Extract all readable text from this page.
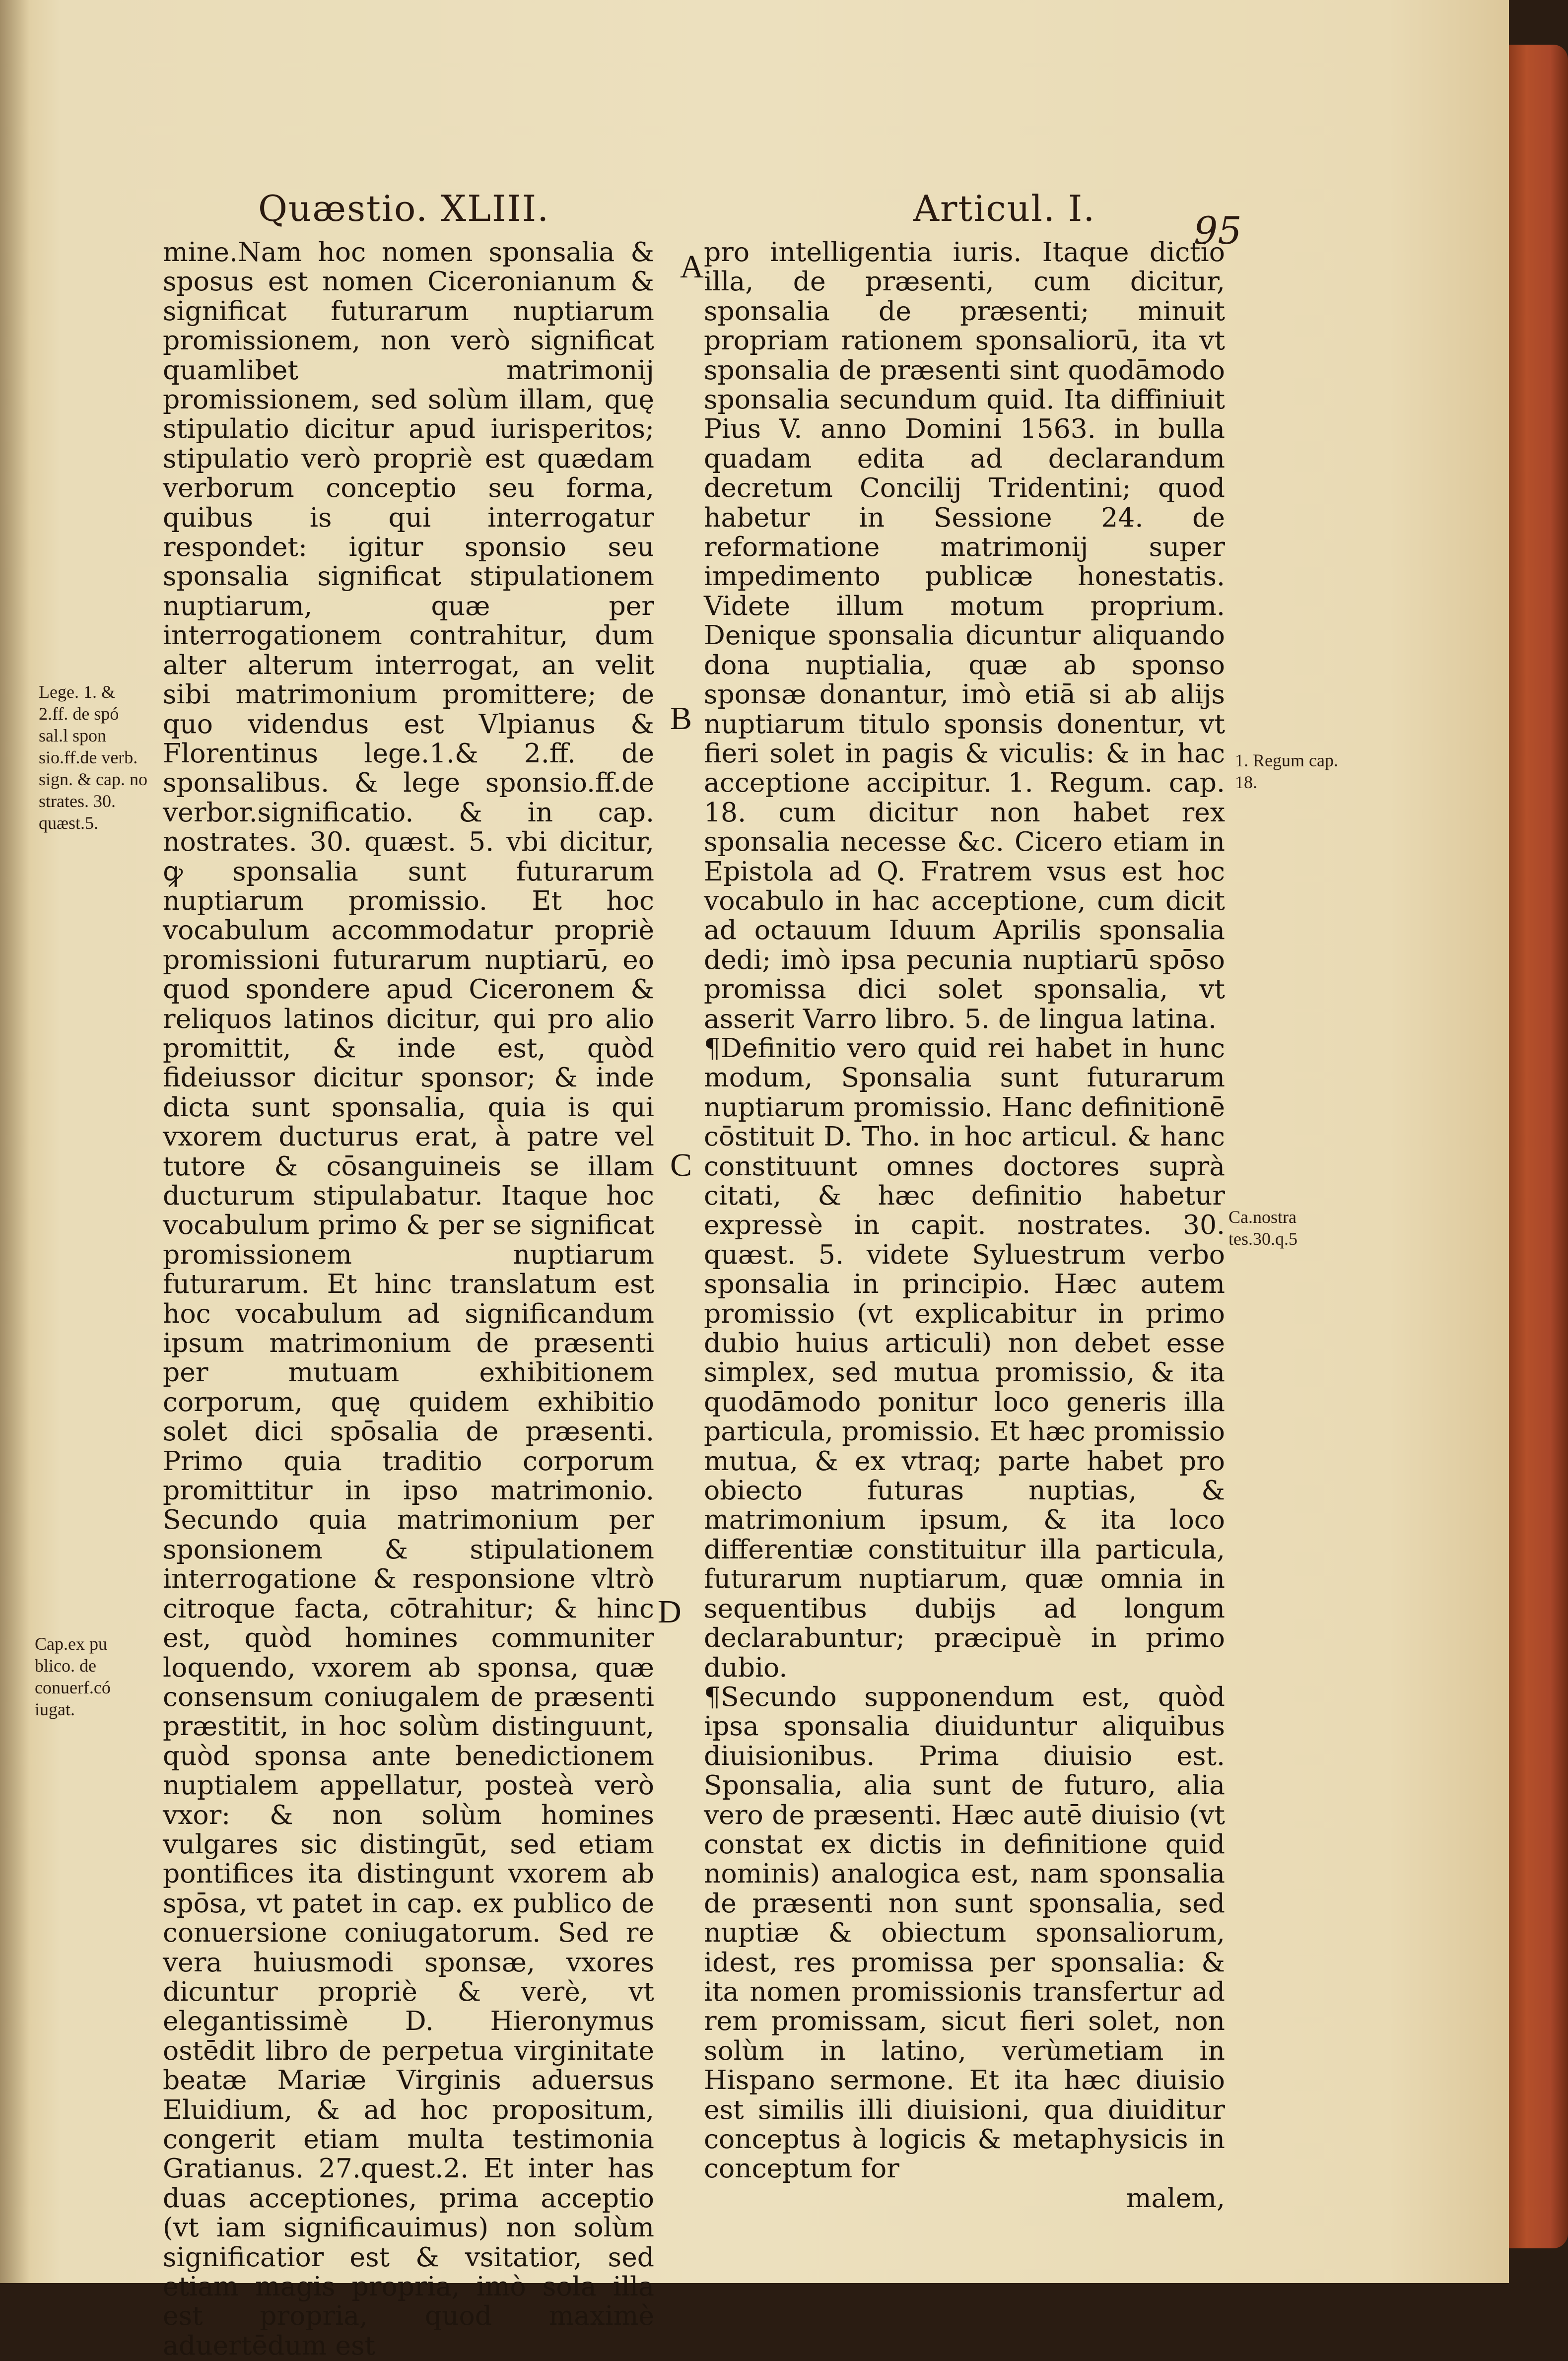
Quæstio. XLIII.	Articul. I.	95

mine.Nam hoc nomen sponsalia & sposus est nomen Ciceronianum & significat futurarum nuptiarum promissionem, non verò significat quamlibet matrimonij promissionem, sed solùm illam, quę stipulatio dicitur apud iurisperitos; stipulatio verò propriè est quædam verborum conceptio seu forma, quibus is qui interrogatur respondet: igitur sponsio seu sponsalia significat stipulationem nuptiarum, quæ per interrogationem contrahitur, dum alter alterum interrogat, an velit sibi matrimonium promittere; de quo videndus est Vlpianus & Florentinus lege.1.& 2.ff. de sponsalibus. & lege sponsio.ff.de verbor.significatio. & in cap. nostrates. 30. quæst. 5. vbi dicitur, ꝙ sponsalia sunt futurarum nuptiarum promissio. Et hoc vocabulum accommodatur propriè promissioni futurarum nuptiarū, eo quod spondere apud Ciceronem & reliquos latinos dicitur, qui pro alio promittit, & inde est, quòd fideiussor dicitur sponsor; & inde dicta sunt sponsalia, quia is qui vxorem ducturus erat, à patre vel tutore & cōsanguineis se illam ducturum stipulabatur. Itaque hoc vocabulum primo & per se significat promissionem nuptiarum futurarum. Et hinc translatum est hoc vocabulum ad significandum ipsum matrimonium de præsenti per mutuam exhibitionem corporum, quę quidem exhibitio solet dici spōsalia de præsenti. Primo quia traditio corporum promittitur in ipso matrimonio. Secundo quia matrimonium per sponsionem & stipulationem interrogatione & responsione vltrò citroque facta, cōtrahitur; & hinc est, quòd homines communiter loquendo, vxorem ab sponsa, quæ consensum coniugalem de præsenti præstitit, in hoc solùm distinguunt, quòd sponsa ante benedictionem nuptialem appellatur, posteà verò vxor: & non solùm homines vulgares sic distingūt, sed etiam pontifices ita distingunt vxorem ab spōsa, vt patet in cap. ex publico de conuersione coniugatorum. Sed re vera huiusmodi sponsæ, vxores dicuntur propriè & verè, vt elegantissimè D. Hieronymus ostēdit libro de perpetua virginitate beatæ Mariæ Virginis aduersus Eluidium, & ad hoc propositum, congerit etiam multa testimonia Gratianus. 27.quest.2. Et inter has duas acceptiones, prima acceptio (vt iam significauimus) non solùm significatior est & vsitatior, sed etiam magis propria, imò sola illa est propria, quod maximè aduertēdum est

pro intelligentia iuris. Itaque dictio illa, de præsenti, cum dicitur, sponsalia de præsenti; minuit propriam rationem sponsaliorū, ita vt sponsalia de præsenti sint quodāmodo sponsalia secundum quid. Ita diffiniuit Pius V. anno Domini 1563. in bulla quadam edita ad declarandum decretum Concilij Tridentini; quod habetur in Sessione 24. de reformatione matrimonij super impedimento publicæ honestatis. Videte illum motum proprium. Denique sponsalia dicuntur aliquando dona nuptialia, quæ ab sponso sponsæ donantur, imò etiā si ab alijs nuptiarum titulo sponsis donentur, vt fieri solet in pagis & viculis: & in hac acceptione accipitur. 1. Regum. cap. 18. cum dicitur non habet rex sponsalia necesse &c. Cicero etiam in Epistola ad Q. Fratrem vsus est hoc vocabulo in hac acceptione, cum dicit ad octauum Iduum Aprilis sponsalia dedi; imò ipsa pecunia nuptiarū spōso promissa dici solet sponsalia, vt asserit Varro libro. 5. de lingua latina.

¶Definitio vero quid rei habet in hunc modum, Sponsalia sunt futurarum nuptiarum promissio. Hanc definitionē cōstituit D. Tho. in hoc articul. & hanc constituunt omnes doctores suprà citati, & hæc definitio habetur expressè in capit. nostrates. 30. quæst. 5. videte Syluestrum verbo sponsalia in principio. Hæc autem promissio (vt explicabitur in primo dubio huius articuli) non debet esse simplex, sed mutua promissio, & ita quodāmodo ponitur loco generis illa particula, promissio. Et hæc promissio mutua, & ex vtraq; parte habet pro obiecto futuras nuptias, & matrimonium ipsum, & ita loco differentiæ constituitur illa particula, futurarum nuptiarum, quæ omnia in sequentibus dubijs ad longum declarabuntur; præcipuè in primo dubio.

¶Secundo supponendum est, quòd ipsa sponsalia diuiduntur aliquibus diuisionibus. Prima diuisio est. Sponsalia, alia sunt de futuro, alia vero de præsenti. Hæc autē diuisio (vt constat ex dictis in definitione quid nominis) analogica est, nam sponsalia de præsenti non sunt sponsalia, sed nuptiæ & obiectum sponsaliorum, idest, res promissa per sponsalia: & ita nomen promissionis transfertur ad rem promissam, sicut fieri solet, non solùm in latino, verùmetiam in Hispano sermone. Et ita hæc diuisio est similis illi diuisioni, qua diuiditur conceptus à logicis & metaphysicis in conceptum for

malem,

A
B
C
D
Lege. 1. & 2.ff. de spó sal.l spon sio.ff.de verb. sign. & cap. no strates. 30. quæst.5.
Cap.ex pu blico. de conuerf.có iugat.
1. Regum cap. 18.
Ca.nostra tes.30.q.5
